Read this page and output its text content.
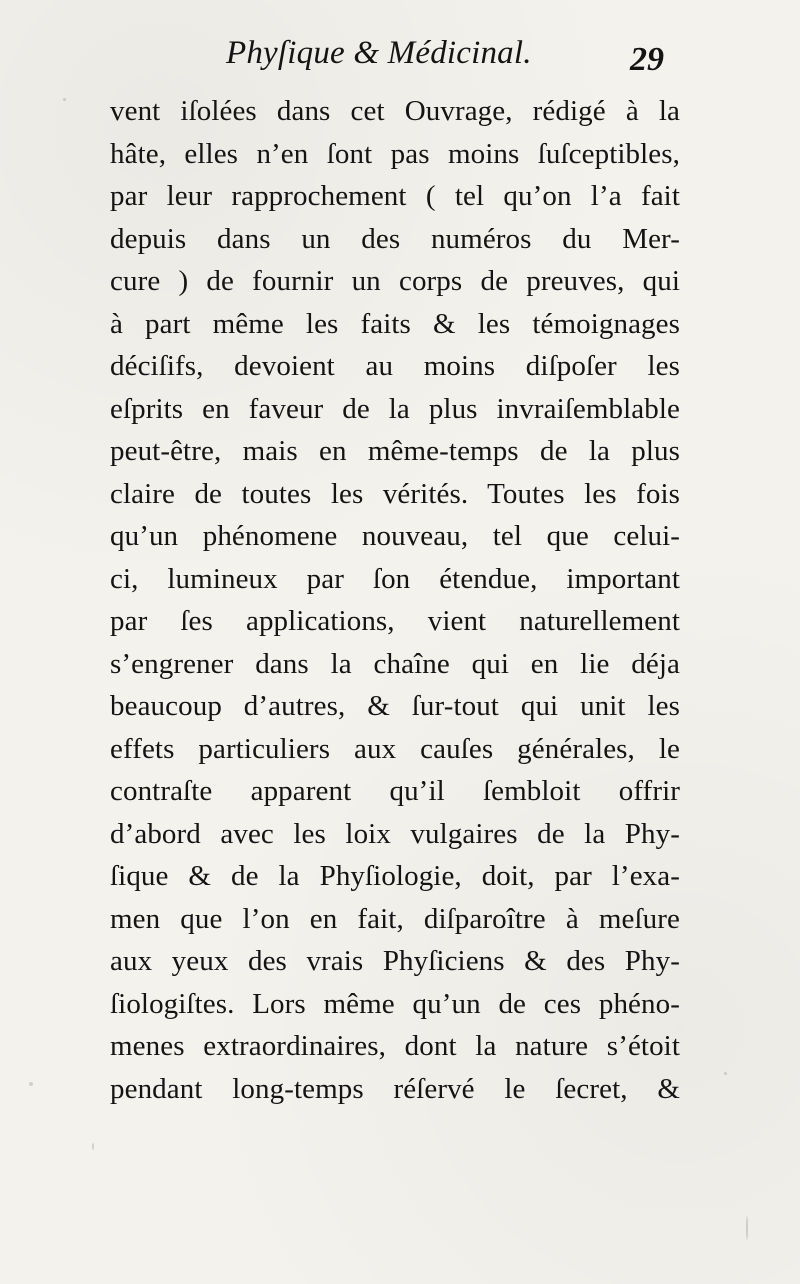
Phyſique & Médicinal.	29
vent iſolées dans cet Ouvrage, rédigé à la
hâte, elles n’en ſont pas moins ſuſceptibles,
par leur rapprochement ( tel qu’on l’a fait
depuis dans un des numéros du Mer-
cure ) de fournir un corps de preuves, qui
à part même les faits & les témoignages
déciſifs, devoient au moins diſpoſer les
eſprits en faveur de la plus invraiſemblable
peut-être, mais en même-temps de la plus
claire de toutes les vérités. Toutes les fois
qu’un phénomene nouveau, tel que celui-
ci, lumineux par ſon étendue, important
par ſes applications, vient naturellement
s’engrener dans la chaîne qui en lie déja
beaucoup d’autres, & ſur-tout qui unit les
effets particuliers aux cauſes générales, le
contraſte apparent qu’il ſembloit offrir
d’abord avec les loix vulgaires de la Phy-
ſique & de la Phyſiologie, doit, par l’exa-
men que l’on en fait, diſparoître à meſure
aux yeux des vrais Phyſiciens & des Phy-
ſiologiſtes. Lors même qu’un de ces phéno-
menes extraordinaires, dont la nature s’étoit
pendant long-temps réſervé le ſecret, &
